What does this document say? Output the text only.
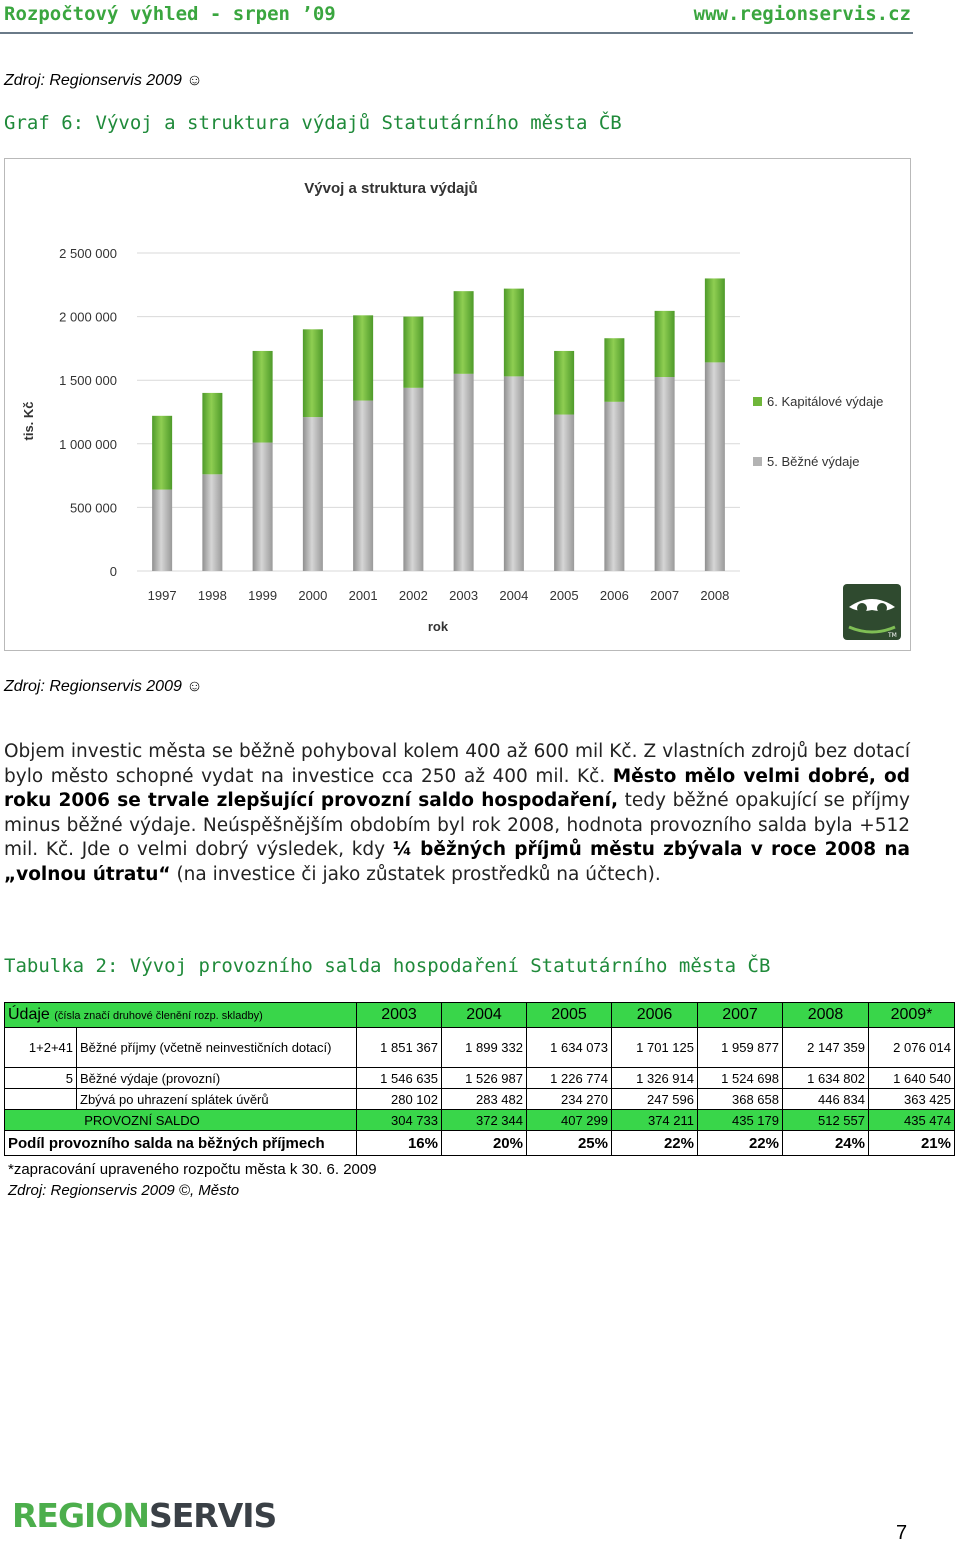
Rozpočtový výhled - srpen ’09	www.regionservis.cz
Zdroj: Regionservis 2009 ☺
Graf 6: Vývoj a struktura výdajů Statutárního města ČB
Vývoj a struktura výdajů
tis. Kč
rok
1997 1998 1999 2000 2001 2002 2003 2004 2005 2006 2007 2008
0
500 000
1 000 000
1 500 000
2 000 000
2 500 000
6. Kapitálové výdaje
5. Běžné výdaje
TM
Zdroj: Regionservis 2009 ☺
Objem investic města se běžně pohyboval kolem 400 až 600 mil Kč. Z vlastních zdrojů bez dotací bylo město schopné vydat na investice cca 250 až 400 mil. Kč. Město mělo velmi dobré, od roku 2006 se trvale zlepšující provozní saldo hospodaření, tedy běžné opakující se příjmy minus běžné výdaje. Neúspěšnějším obdobím byl rok 2008, hodnota provozního salda byla +512 mil. Kč. Jde o velmi dobrý výsledek, kdy ¼ běžných příjmů městu zbývala v roce 2008 na „volnou útratu“ (na investice či jako zůstatek prostředků na účtech).
Tabulka 2: Vývoj provozního salda hospodaření Statutárního města ČB
Údaje (čísla značí druhové členění rozp. skladby)		2003	2004	2005	2006	2007	2008	2009*
1+2+41	Běžné příjmy (včetně neinvestičních dotací)	1 851 367	1 899 332	1 634 073	1 701 125	1 959 877	2 147 359	2 076 014
5	Běžné výdaje (provozní)	1 546 635	1 526 987	1 226 774	1 326 914	1 524 698	1 634 802	1 640 540
	Zbývá po uhrazení splátek úvěrů	280 102	283 482	234 270	247 596	368 658	446 834	363 425
PROVOZNÍ SALDO		304 733	372 344	407 299	374 211	435 179	512 557	435 474
Podíl provozního salda na běžných příjmech		16%	20%	25%	22%	22%	24%	21%
*zapracování upraveného rozpočtu města k 30. 6. 2009
Zdroj: Regionservis 2009 ©, Město
REGIONSERVIS	7
